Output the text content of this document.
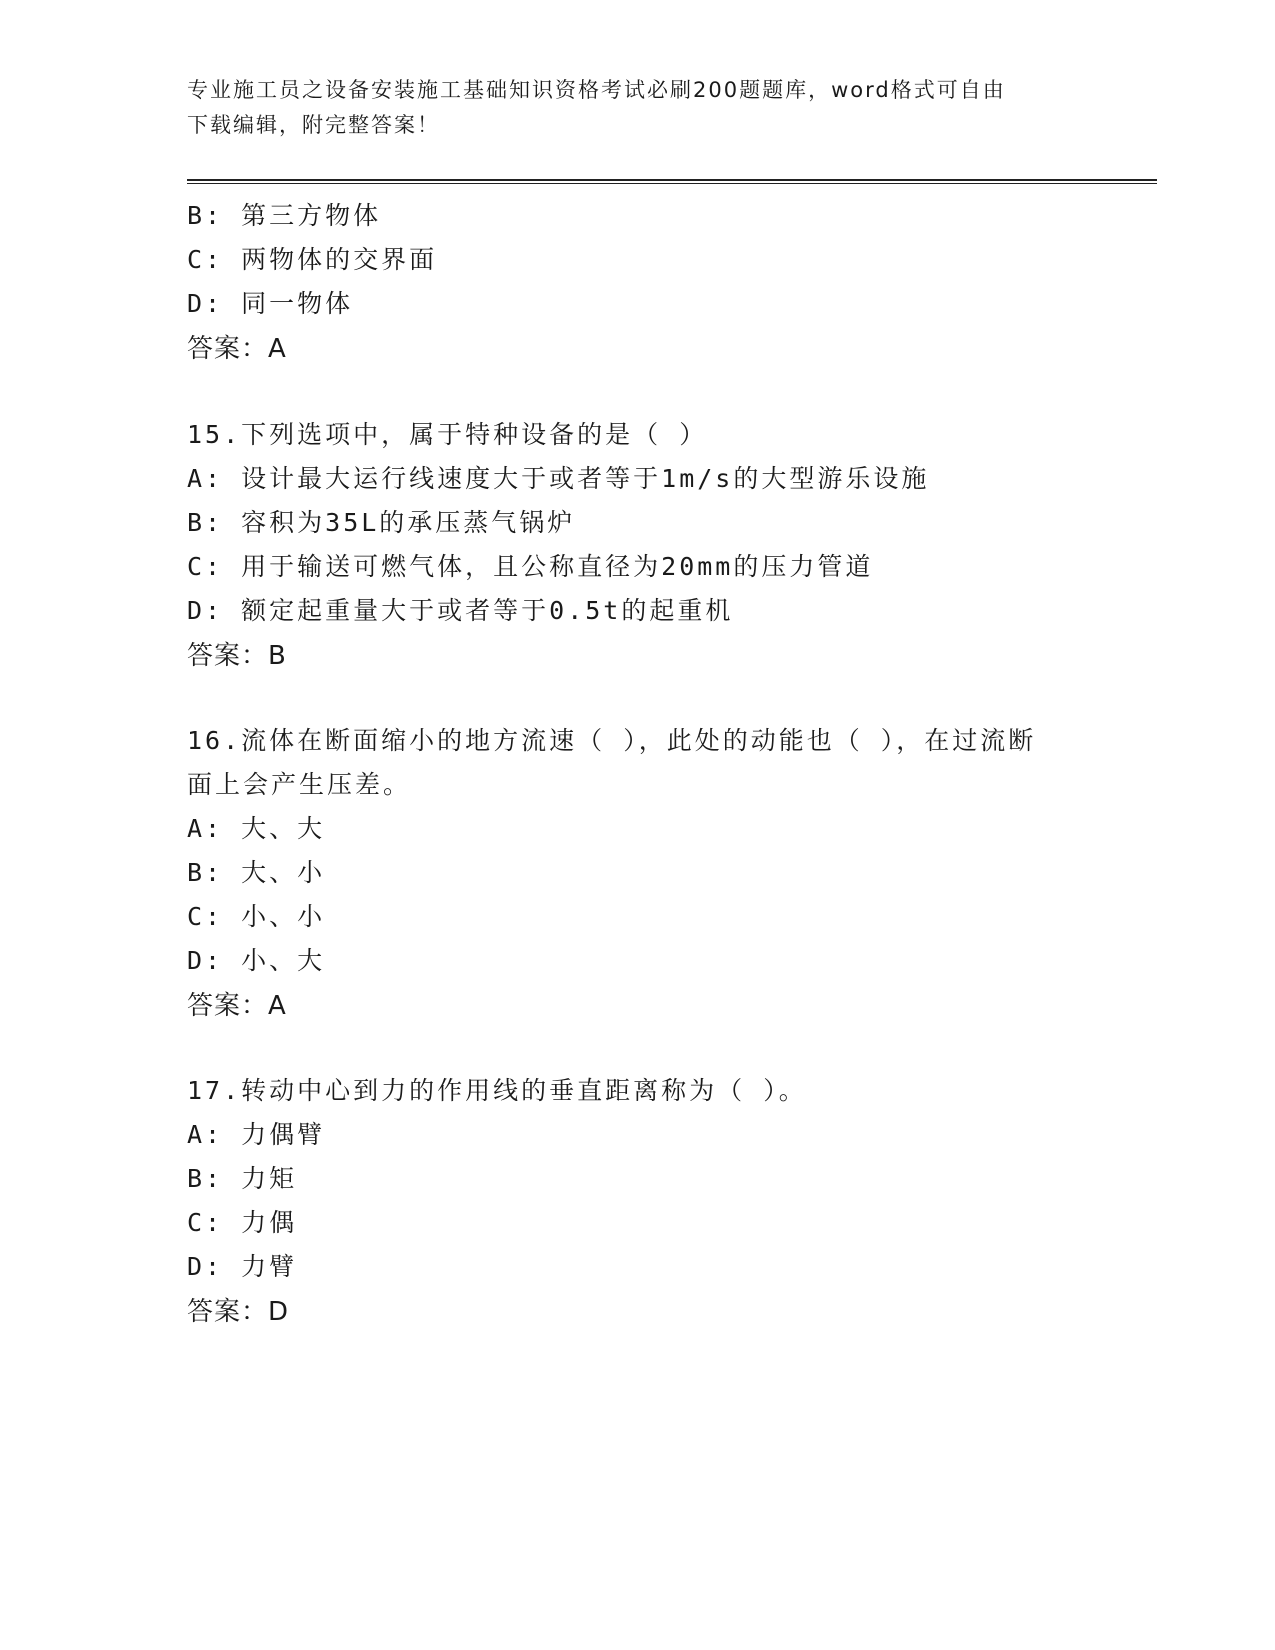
专业施工员之设备安装施工基础知识资格考试必刷200题题库，word格式可自由
下载编辑，附完整答案！
B: 第三方物体
C: 两物体的交界面
D: 同一物体
答案：A
15.下列选项中，属于特种设备的是（ ）
A: 设计最大运行线速度大于或者等于1m/s的大型游乐设施
B: 容积为35L的承压蒸气锅炉
C: 用于输送可燃气体，且公称直径为20mm的压力管道
D: 额定起重量大于或者等于0.5t的起重机
答案：B
16.流体在断面缩小的地方流速（ ），此处的动能也（ ），在过流断
面上会产生压差。
A: 大、大
B: 大、小
C: 小、小
D: 小、大
答案：A
17.转动中心到力的作用线的垂直距离称为（ ）。
A: 力偶臂
B: 力矩
C: 力偶
D: 力臂
答案：D
